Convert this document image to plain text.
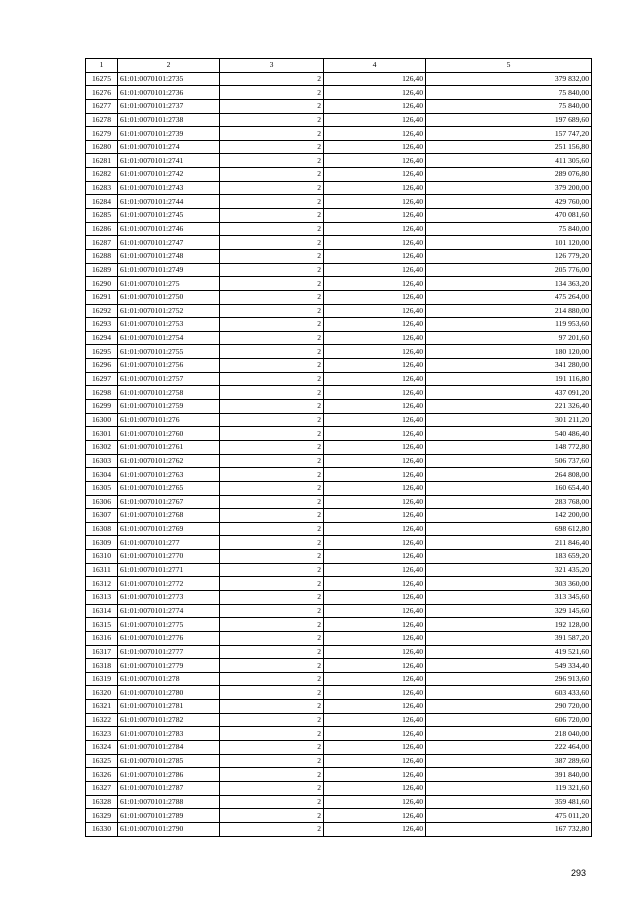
1	2	3	4	5
16275	61:01:0070101:2735	2	126,40	379 832,00
16276	61:01:0070101:2736	2	126,40	75 840,00
16277	61:01:0070101:2737	2	126,40	75 840,00
16278	61:01:0070101:2738	2	126,40	197 689,60
16279	61:01:0070101:2739	2	126,40	157 747,20
16280	61:01:0070101:274	2	126,40	251 156,80
16281	61:01:0070101:2741	2	126,40	411 305,60
16282	61:01:0070101:2742	2	126,40	289 076,80
16283	61:01:0070101:2743	2	126,40	379 200,00
16284	61:01:0070101:2744	2	126,40	429 760,00
16285	61:01:0070101:2745	2	126,40	470 081,60
16286	61:01:0070101:2746	2	126,40	75 840,00
16287	61:01:0070101:2747	2	126,40	101 120,00
16288	61:01:0070101:2748	2	126,40	126 779,20
16289	61:01:0070101:2749	2	126,40	205 776,00
16290	61:01:0070101:275	2	126,40	134 363,20
16291	61:01:0070101:2750	2	126,40	475 264,00
16292	61:01:0070101:2752	2	126,40	214 880,00
16293	61:01:0070101:2753	2	126,40	119 953,60
16294	61:01:0070101:2754	2	126,40	97 201,60
16295	61:01:0070101:2755	2	126,40	180 120,00
16296	61:01:0070101:2756	2	126,40	341 280,00
16297	61:01:0070101:2757	2	126,40	191 116,80
16298	61:01:0070101:2758	2	126,40	437 091,20
16299	61:01:0070101:2759	2	126,40	221 326,40
16300	61:01:0070101:276	2	126,40	301 211,20
16301	61:01:0070101:2760	2	126,40	540 486,40
16302	61:01:0070101:2761	2	126,40	148 772,80
16303	61:01:0070101:2762	2	126,40	506 737,60
16304	61:01:0070101:2763	2	126,40	264 808,00
16305	61:01:0070101:2765	2	126,40	160 654,40
16306	61:01:0070101:2767	2	126,40	283 768,00
16307	61:01:0070101:2768	2	126,40	142 200,00
16308	61:01:0070101:2769	2	126,40	698 612,80
16309	61:01:0070101:277	2	126,40	211 846,40
16310	61:01:0070101:2770	2	126,40	183 659,20
16311	61:01:0070101:2771	2	126,40	321 435,20
16312	61:01:0070101:2772	2	126,40	303 360,00
16313	61:01:0070101:2773	2	126,40	313 345,60
16314	61:01:0070101:2774	2	126,40	329 145,60
16315	61:01:0070101:2775	2	126,40	192 128,00
16316	61:01:0070101:2776	2	126,40	391 587,20
16317	61:01:0070101:2777	2	126,40	419 521,60
16318	61:01:0070101:2779	2	126,40	549 334,40
16319	61:01:0070101:278	2	126,40	296 913,60
16320	61:01:0070101:2780	2	126,40	603 433,60
16321	61:01:0070101:2781	2	126,40	290 720,00
16322	61:01:0070101:2782	2	126,40	606 720,00
16323	61:01:0070101:2783	2	126,40	218 040,00
16324	61:01:0070101:2784	2	126,40	222 464,00
16325	61:01:0070101:2785	2	126,40	387 289,60
16326	61:01:0070101:2786	2	126,40	391 840,00
16327	61:01:0070101:2787	2	126,40	119 321,60
16328	61:01:0070101:2788	2	126,40	359 481,60
16329	61:01:0070101:2789	2	126,40	475 011,20
16330	61:01:0070101:2790	2	126,40	167 732,80
293
